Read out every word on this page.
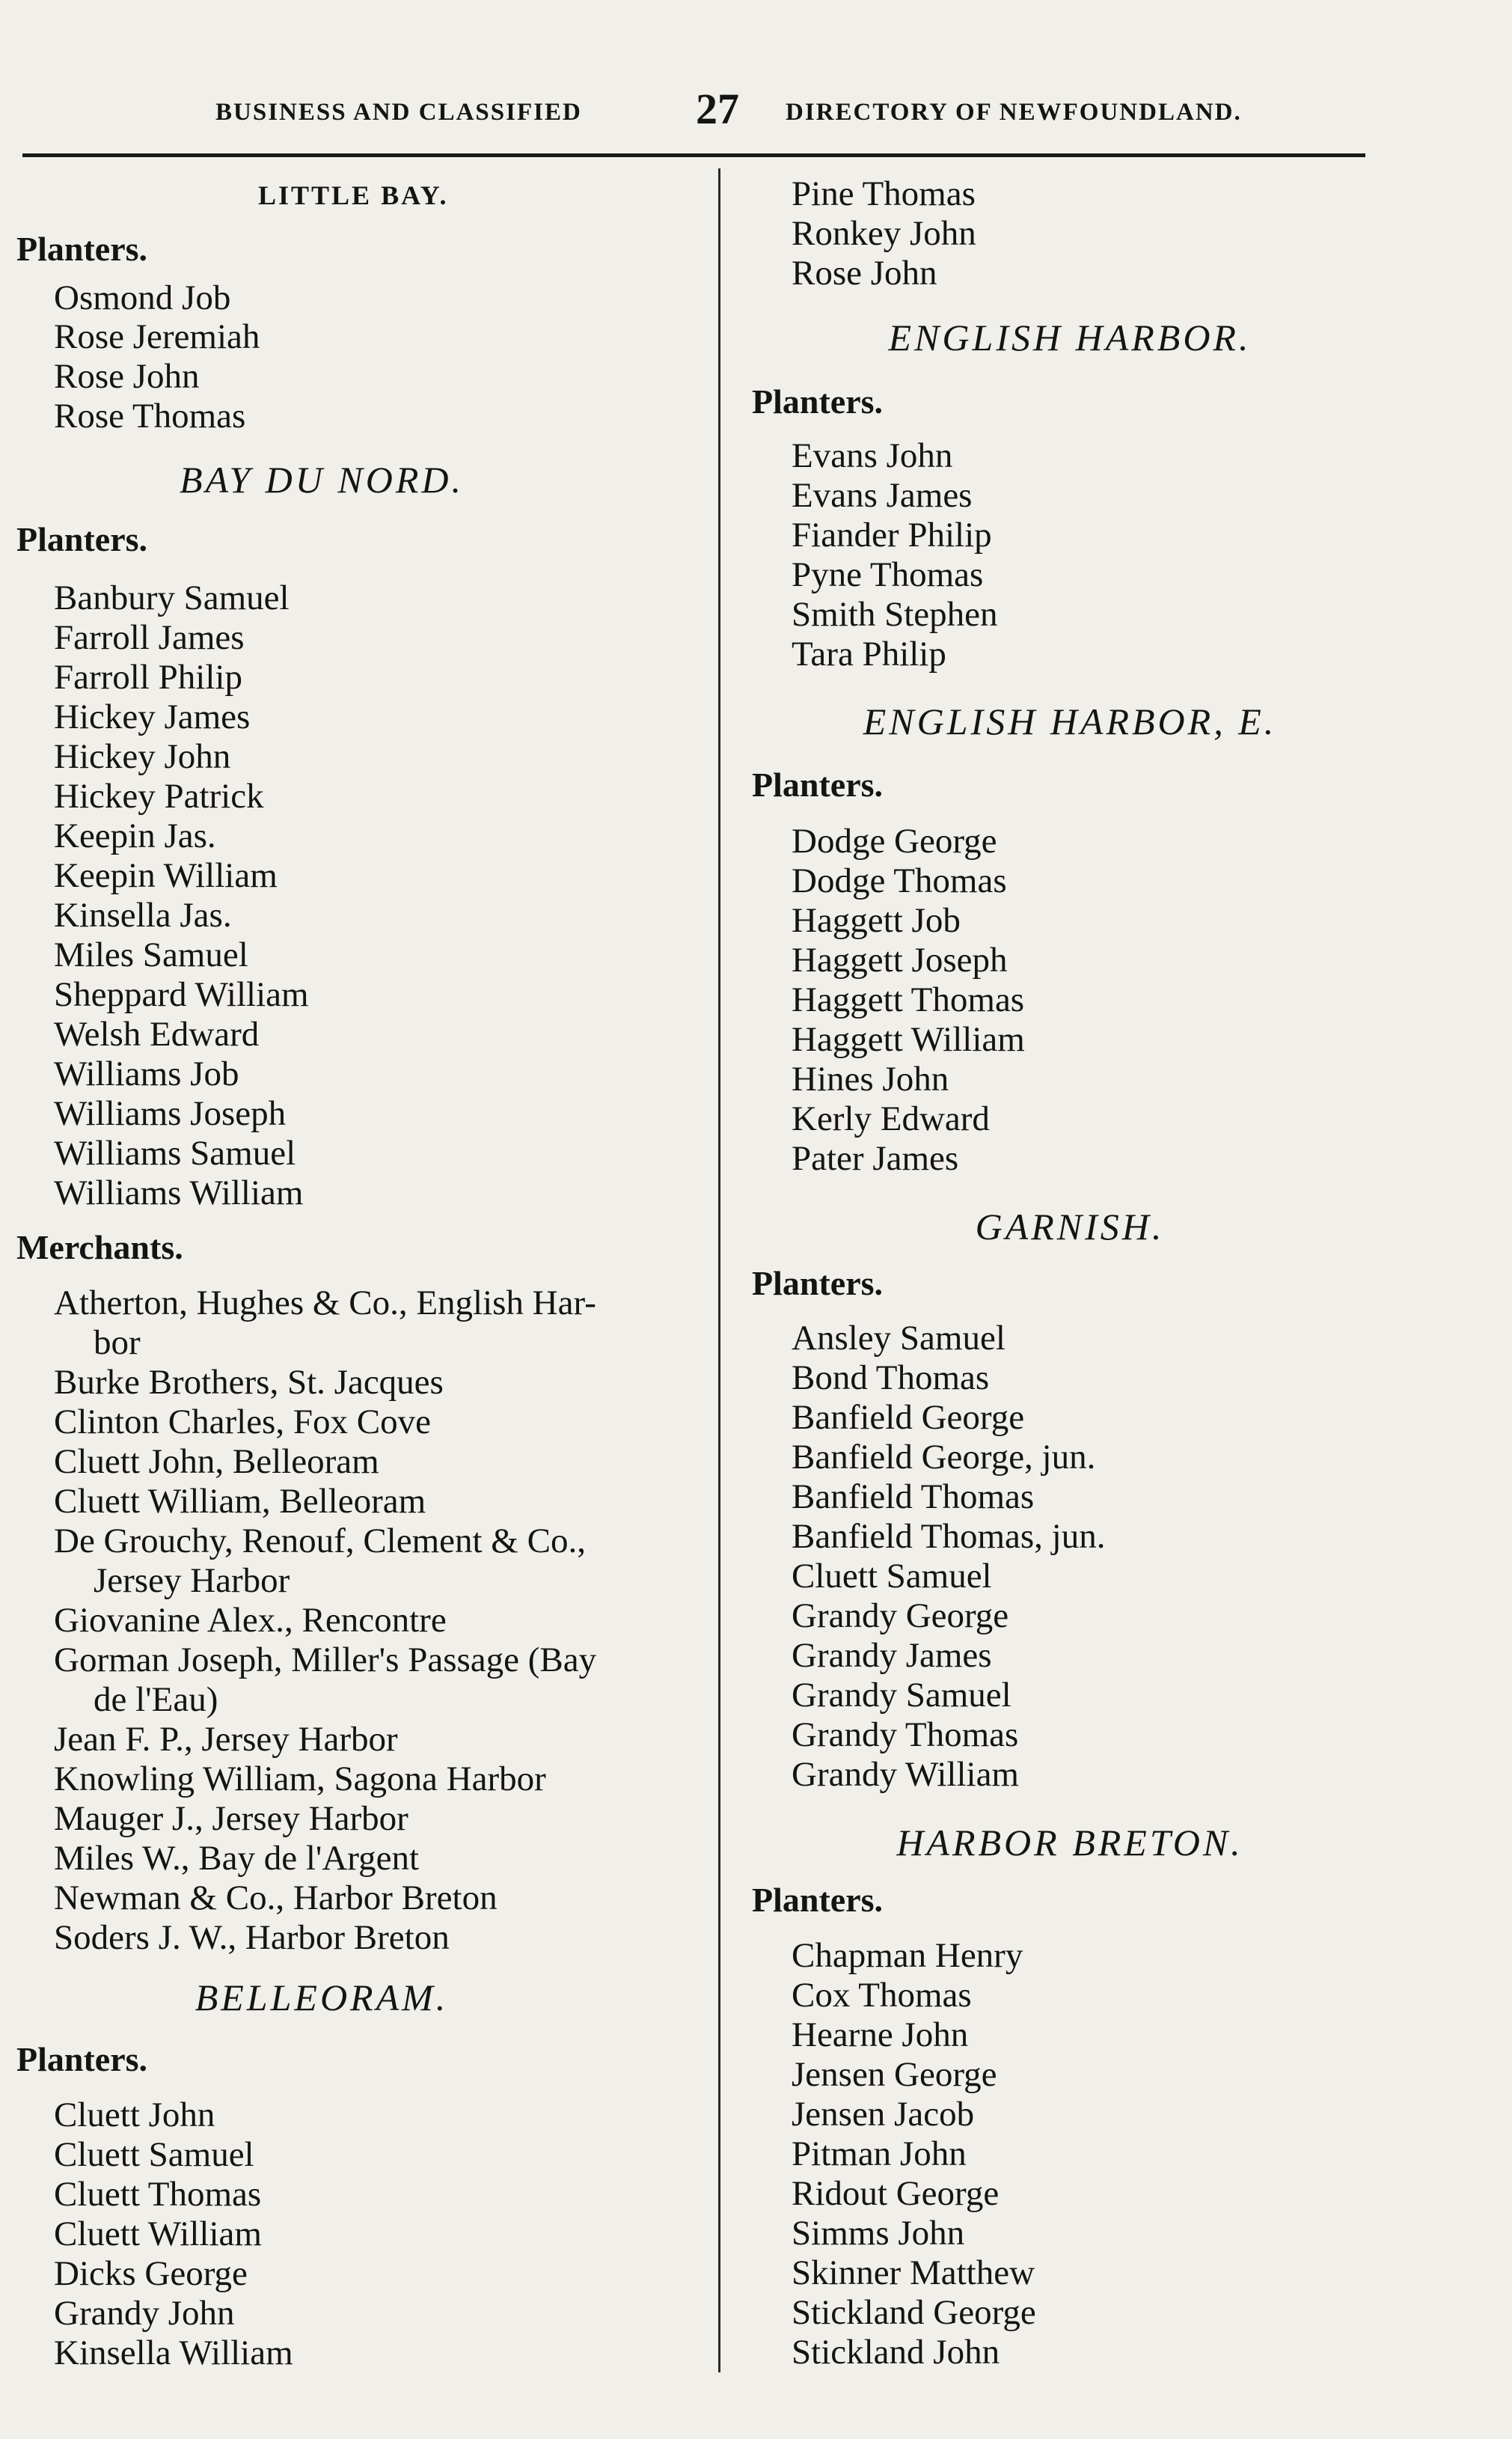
BUSINESS AND CLASSIFIED	27 DIRECTORY OF NEWFOUNDLAND.
LITTLE BAY.
Planters.
Osmond Job
Rose Jeremiah
Rose John
Rose Thomas
BAY DU NORD.
Planters.
Banbury Samuel
Farroll James
Farroll Philip
Hickey James
Hickey John
Hickey Patrick
Keepin Jas.
Keepin William
Kinsella Jas.
Miles Samuel
Sheppard William
Welsh Edward
Williams Job
Williams Joseph
Williams Samuel
Williams William
Merchants.
Atherton, Hughes & Co., English Har-
bor
Burke Brothers, St. Jacques
Clinton Charles, Fox Cove
Cluett John, Belleoram
Cluett William, Belleoram
De Grouchy, Renouf, Clement & Co.,
Jersey Harbor
Giovanine Alex., Rencontre
Gorman Joseph, Miller's Passage (Bay
de l'Eau)
Jean F. P., Jersey Harbor
Knowling William, Sagona Harbor
Mauger J., Jersey Harbor
Miles W., Bay de l'Argent
Newman & Co., Harbor Breton
Soders J. W., Harbor Breton
BELLEORAM.
Planters.
Cluett John
Cluett Samuel
Cluett Thomas
Cluett William
Dicks George
Grandy John
Kinsella William
Pine Thomas
Ronkey John
Rose John
ENGLISH HARBOR.
Planters.
Evans John
Evans James
Fiander Philip
Pyne Thomas
Smith Stephen
Tara Philip
ENGLISH HARBOR, E.
Planters.
Dodge George
Dodge Thomas
Haggett Job
Haggett Joseph
Haggett Thomas
Haggett William
Hines John
Kerly Edward
Pater James
GARNISH.
Planters.
Ansley Samuel
Bond Thomas
Banfield George
Banfield George, jun.
Banfield Thomas
Banfield Thomas, jun.
Cluett Samuel
Grandy George
Grandy James
Grandy Samuel
Grandy Thomas
Grandy William
HARBOR BRETON.
Planters.
Chapman Henry
Cox Thomas
Hearne John
Jensen George
Jensen Jacob
Pitman John
Ridout George
Simms John
Skinner Matthew
Stickland George
Stickland John
